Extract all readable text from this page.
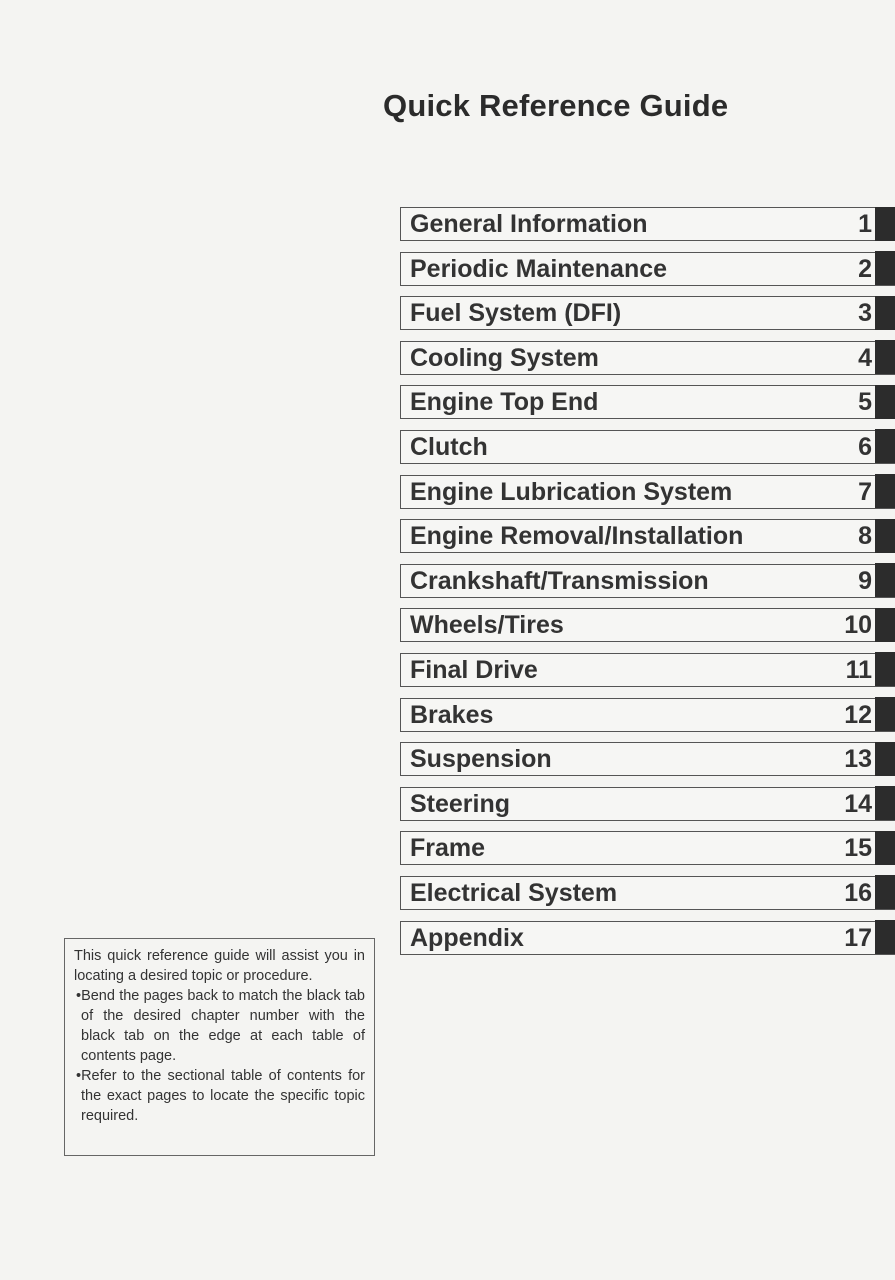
Quick Reference Guide
General Information	1
Periodic Maintenance	2
Fuel System (DFI)	3
Cooling System	4
Engine Top End	5
Clutch	6
Engine Lubrication System	7
Engine Removal/Installation	8
Crankshaft/Transmission	9
Wheels/Tires	10
Final Drive	11
Brakes	12
Suspension	13
Steering	14
Frame	15
Electrical System	16
Appendix	17

This quick reference guide will assist you in locating a desired topic or procedure.

•Bend the pages back to match the black tab of the desired chapter number with the black tab on the edge at each table of contents page.

•Refer to the sectional table of contents for the exact pages to locate the specific topic required.
